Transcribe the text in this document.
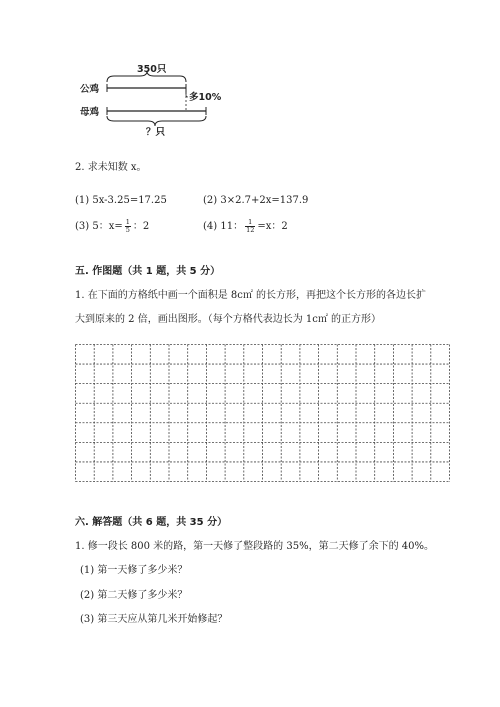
350只
公鸡
母鸡
多10%
？只
2. 求未知数 x。
(1) 5x-3.25=17.25	(2) 3×2.7+2x=137.9
(3) 5：$x= \frac{1}{5}$ ：2	(4) 11： $\frac{1}{12} =x$：2
五. 作图题（共 1 题，共 5 分）
1. 在下面的方格纸中画一个面积是 8c㎡ 的长方形，再把这个长方形的各边长扩
大到原来的 2 倍，画出图形。（每个方格代表边长为 1c㎡ 的正方形）
六. 解答题（共 6 题，共 35 分）
1. 修一段长 800 米的路，第一天修了整段路的 35%，第二天修了余下的 40%。
(1) 第一天修了多少米？
(2) 第二天修了多少米？
(3) 第三天应从第几米开始修起？
